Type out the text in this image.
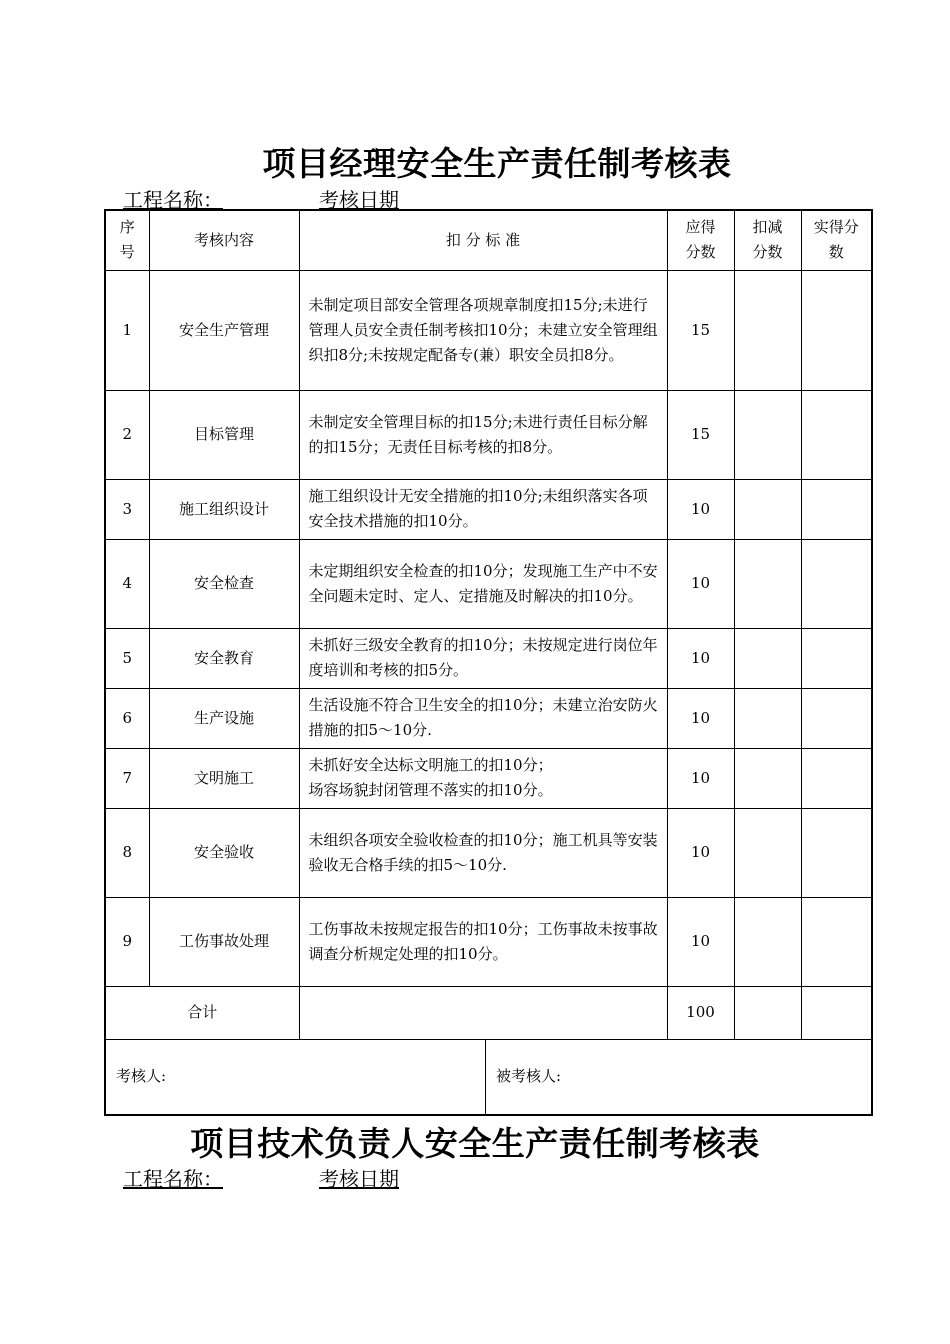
项目经理安全生产责任制考核表
工程名称：	考核日期
序号	考核内容	扣 分 标 准	应得分数	扣减分数	实得分数

1	安全生产管理	未制定项目部安全管理各项规章制度扣15分;未进行管理人员安全责任制考核扣10分；未建立安全管理组织扣8分;未按规定配备专(兼）职安全员扣8分。	15		
2	目标管理	未制定安全管理目标的扣15分;未进行责任目标分解的扣15分；无责任目标考核的扣8分。	15		
3	施工组织设计	施工组织设计无安全措施的扣10分;未组织落实各项安全技术措施的扣10分。	10		
4	安全检查	未定期组织安全检查的扣10分；发现施工生产中不安全问题未定时、定人、定措施及时解决的扣10分。	10		
5	安全教育	未抓好三级安全教育的扣10分；未按规定进行岗位年度培训和考核的扣5分。	10		
6	生产设施	生活设施不符合卫生安全的扣10分；未建立治安防火措施的扣5～10分.	10		
7	文明施工	未抓好安全达标文明施工的扣10分；
场容场貌封闭管理不落实的扣10分。	10		
8	安全验收	未组织各项安全验收检查的扣10分；施工机具等安装验收无合格手续的扣5～10分.	10		
9	工伤事故处理	工伤事故未按规定报告的扣10分；工伤事故未按事故调查分析规定处理的扣10分。	10		
合计			100		

考核人: 被考核人:					
项目技术负责人安全生产责任制考核表
工程名称：	考核日期
